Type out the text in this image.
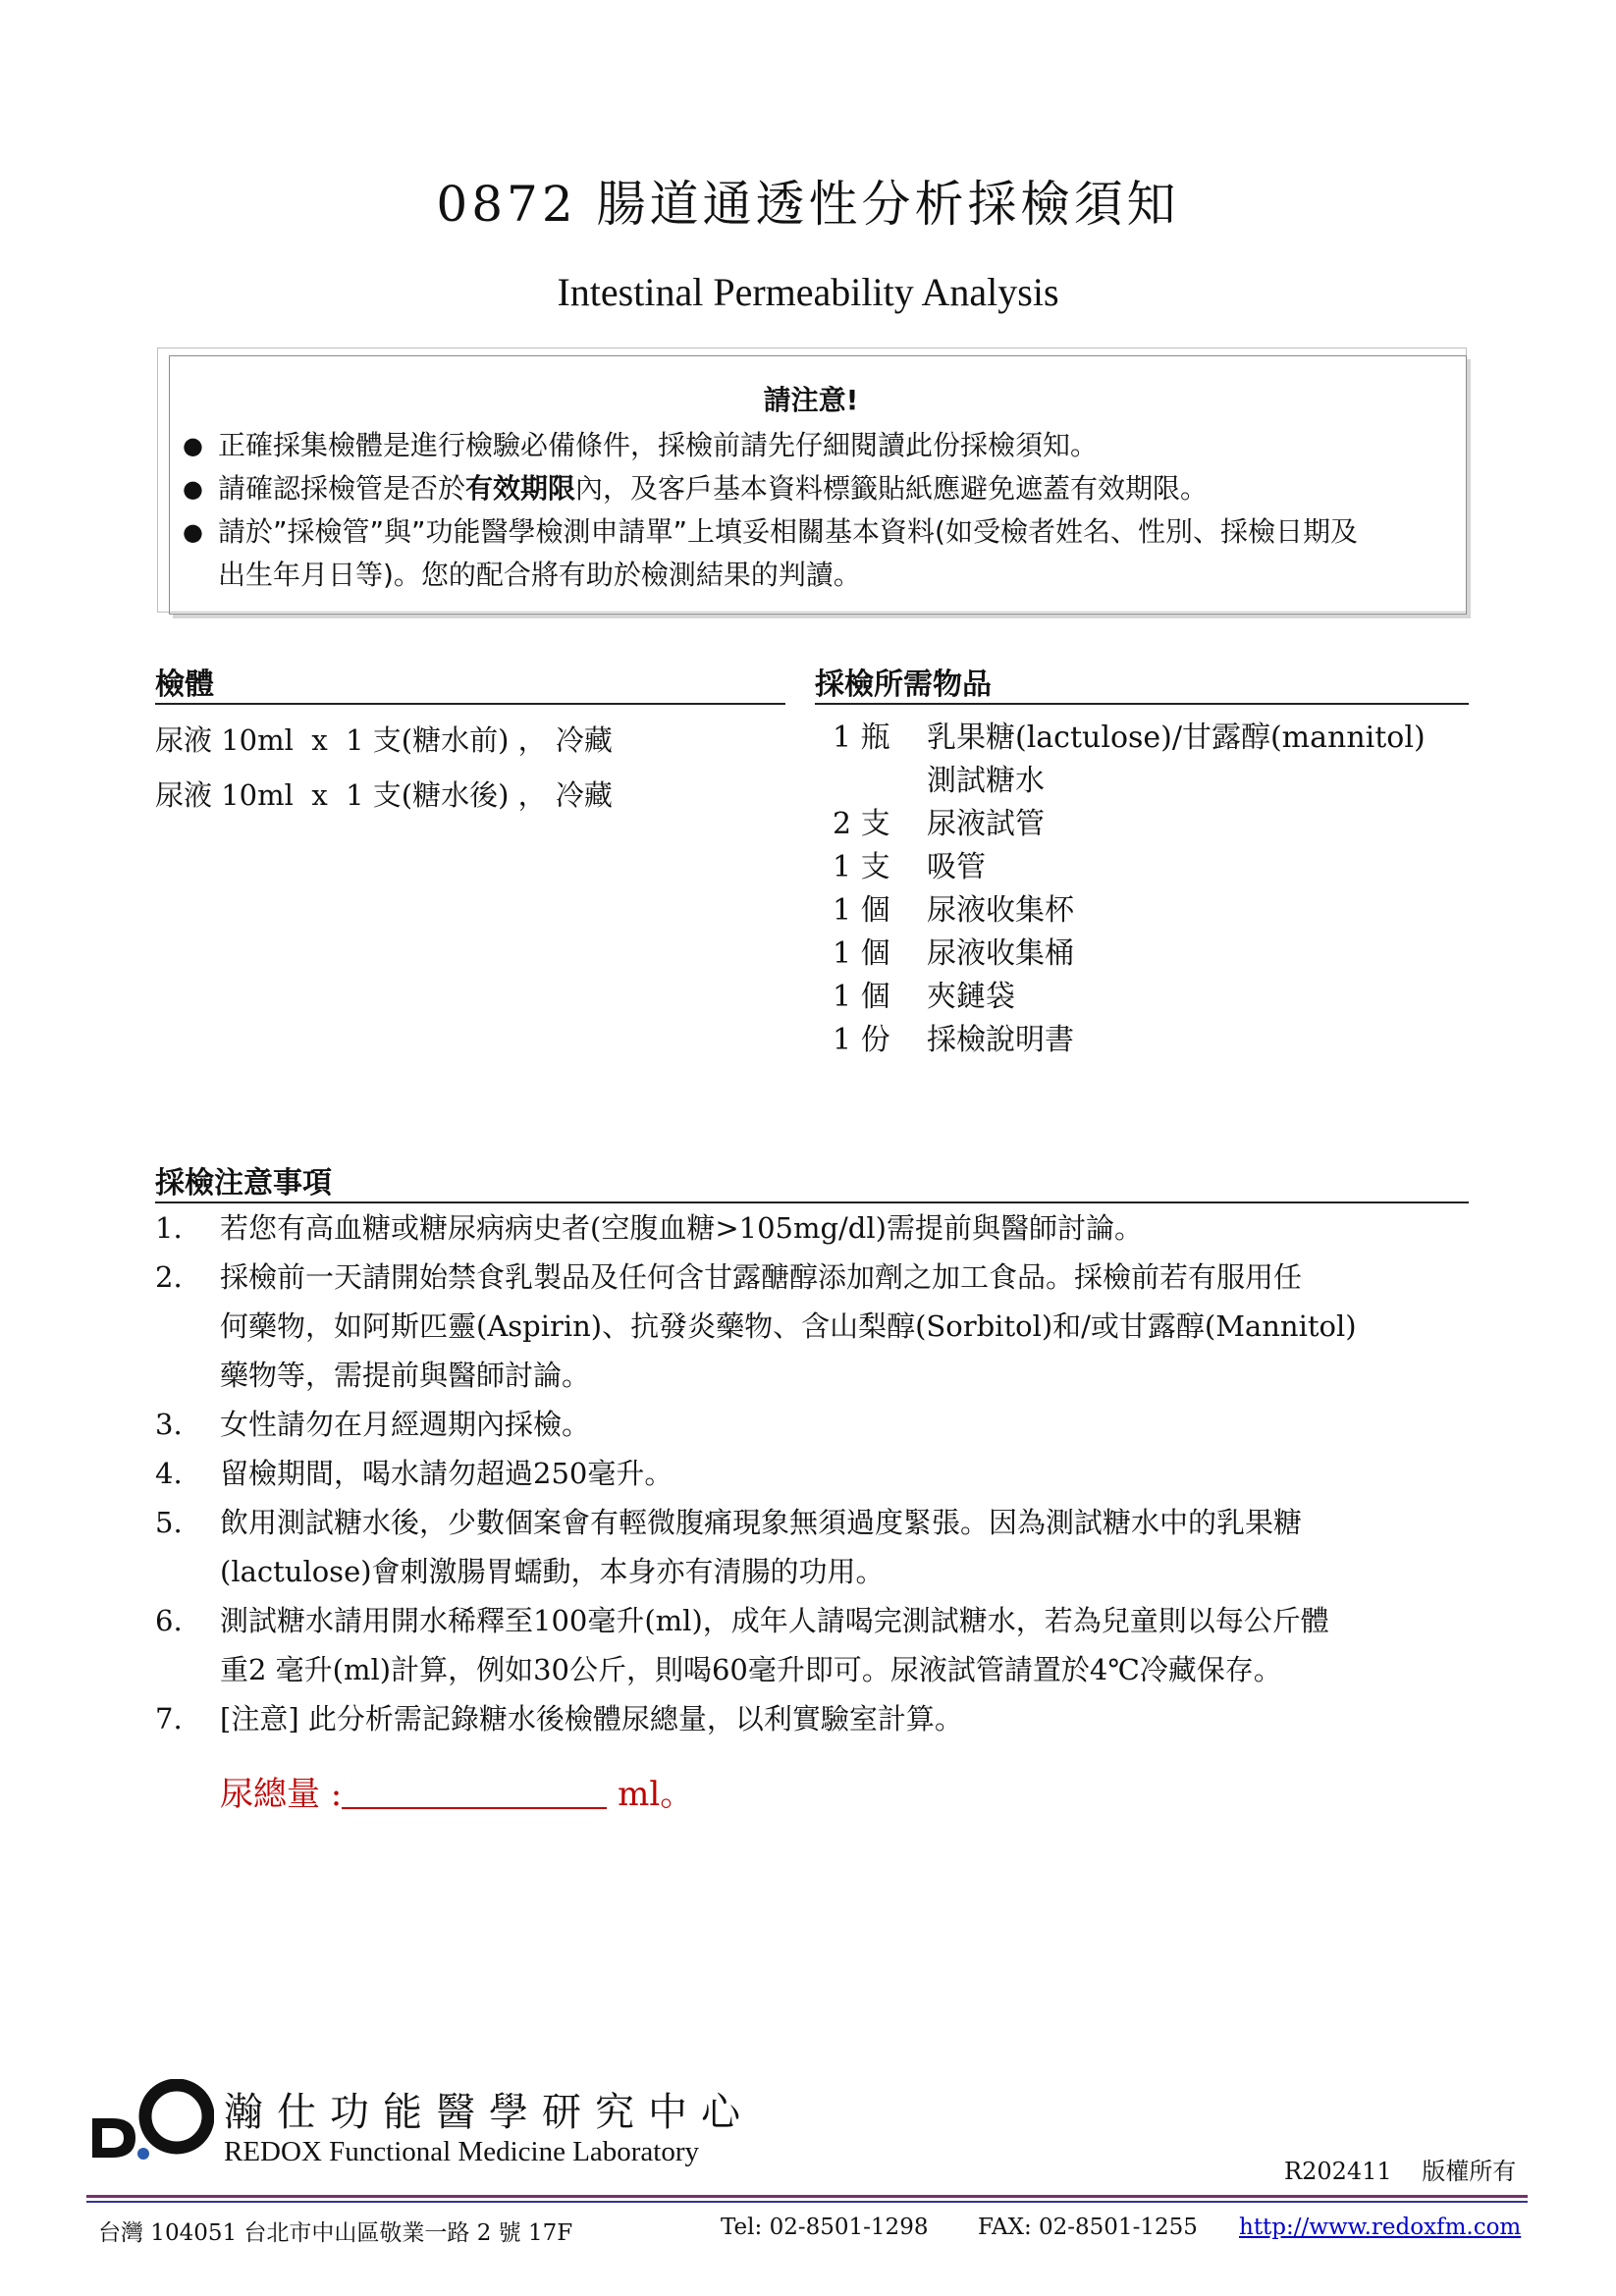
0872 腸道通透性分析採檢須知
Intestinal Permeability Analysis
請注意!
● 正確採集檢體是進行檢驗必備條件，採檢前請先仔細閱讀此份採檢須知。
● 請確認採檢管是否於有效期限內，及客戶基本資料標籤貼紙應避免遮蓋有效期限。
● 請於”採檢管”與”功能醫學檢測申請單”上填妥相關基本資料(如受檢者姓名、性別、採檢日期及
出生年月日等)。您的配合將有助於檢測結果的判讀。
檢體
尿液 10ml  x  1 支(糖水前) ， 冷藏
尿液 10ml  x  1 支(糖水後) ， 冷藏
採檢所需物品
1 瓶	乳果糖(lactulose)/甘露醇(mannitol)
測試糖水
2 支	尿液試管
1 支	吸管
1 個	尿液收集杯
1 個	尿液收集桶
1 個	夾鏈袋
1 份	採檢說明書
採檢注意事項
1.	若您有高血糖或糖尿病病史者(空腹血糖>105mg/dl)需提前與醫師討論。
2.	採檢前一天請開始禁食乳製品及任何含甘露醣醇添加劑之加工食品。採檢前若有服用任
何藥物，如阿斯匹靈(Aspirin)、抗發炎藥物、含山梨醇(Sorbitol)和/或甘露醇(Mannitol)
藥物等，需提前與醫師討論。
3.	女性請勿在月經週期內採檢。
4.	留檢期間，喝水請勿超過250毫升。
5.	飲用測試糖水後，少數個案會有輕微腹痛現象無須過度緊張。因為測試糖水中的乳果糖
(lactulose)會刺激腸胃蠕動，本身亦有清腸的功用。
6.	測試糖水請用開水稀釋至100毫升(ml)，成年人請喝完測試糖水，若為兒童則以每公斤體
重2 毫升(ml)計算，例如30公斤，則喝60毫升即可。尿液試管請置於4℃冷藏保存。
7.	[注意] 此分析需記錄糖水後檢體尿總量，以利實驗室計算。
尿總量 :	ml。
瀚仕功能醫學研究中心
REDOX Functional Medicine Laboratory
R202411 版權所有
台灣 104051 台北市中山區敬業一路 2 號 17F	Tel: 02-8501-1298 FAX: 02-8501-1255 http://www.redoxfm.com
